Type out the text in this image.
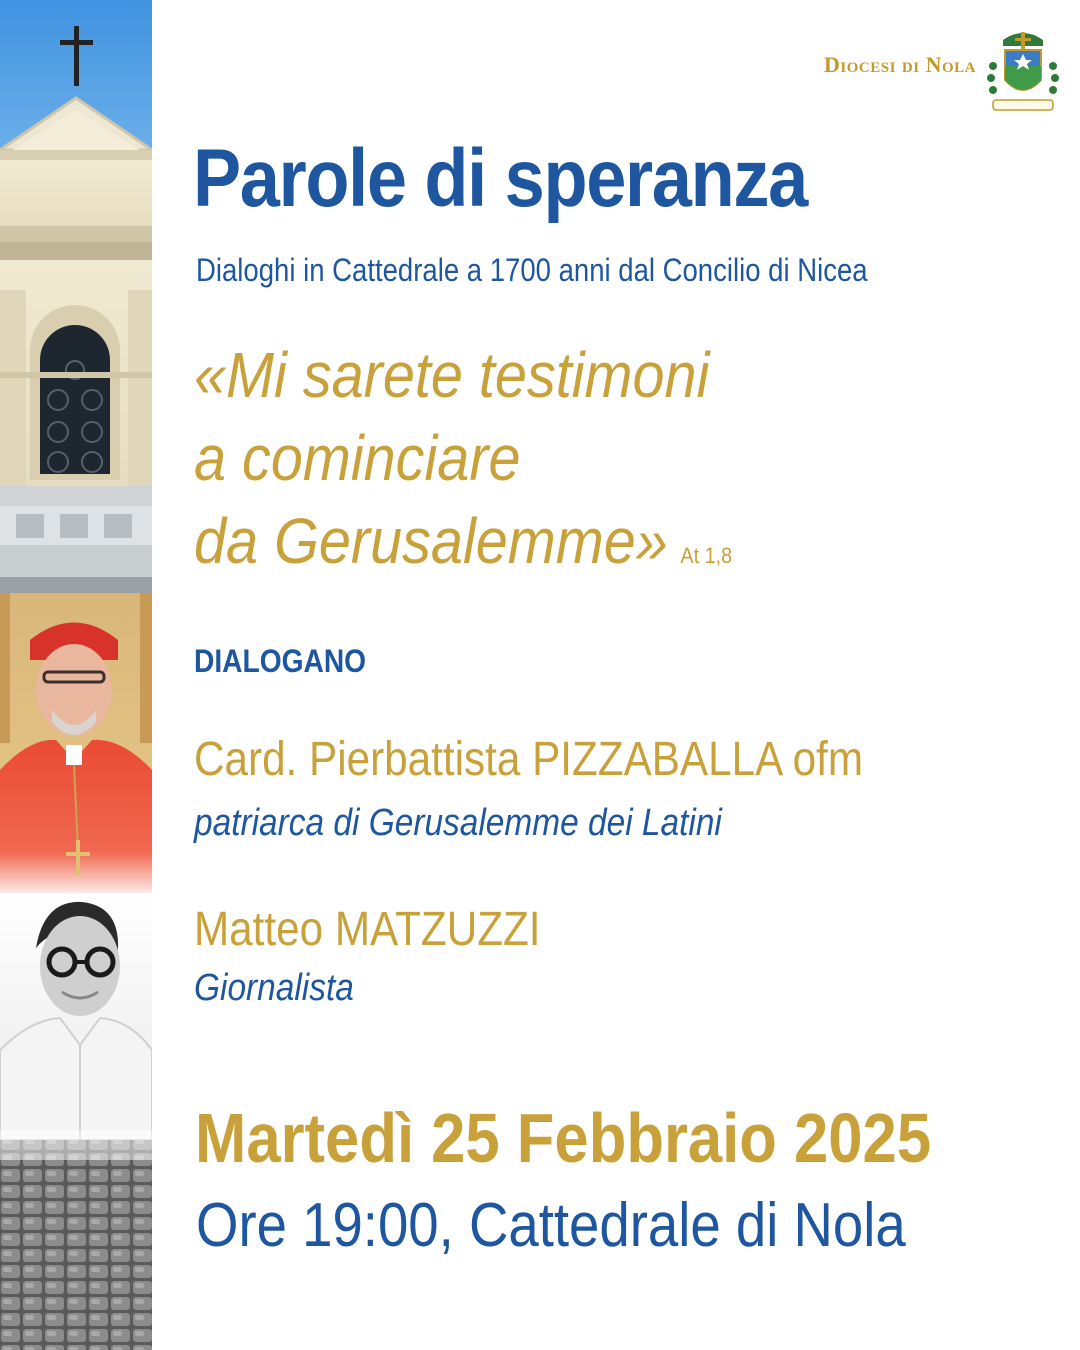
Diocesi di Nola
Parole di speranza
Dialoghi in Cattedrale a 1700 anni dal Concilio di Nicea
«Mi sarete testimoni
a cominciare
da Gerusalemme» At 1,8
DIALOGANO
Card. Pierbattista PIZZABALLA ofm
patriarca di Gerusalemme dei Latini
Matteo MATZUZZI
Giornalista
Martedì 25 Febbraio 2025
Ore 19:00, Cattedrale di Nola
